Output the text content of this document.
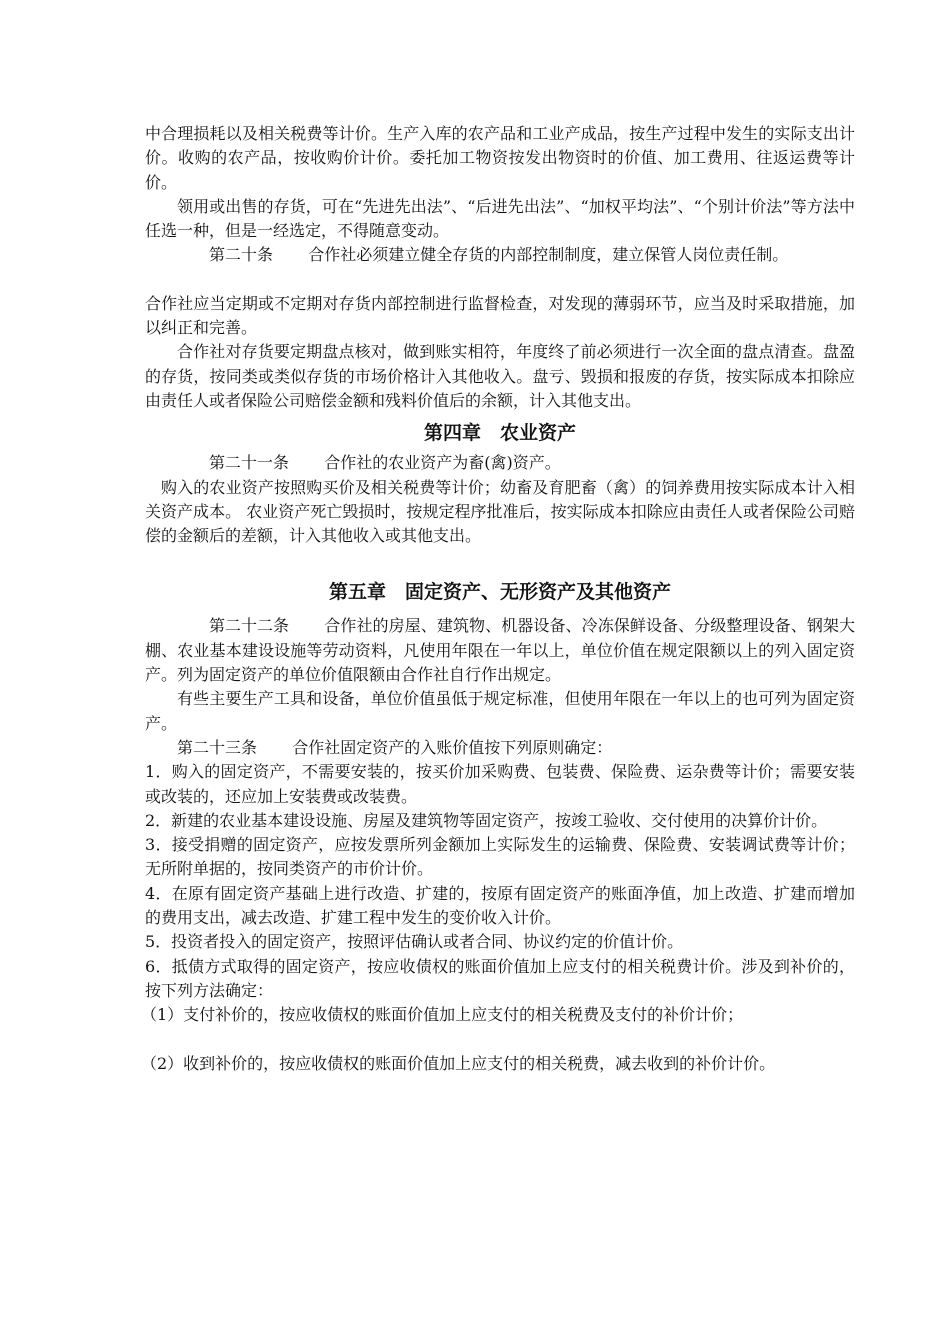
中合理损耗以及相关税费等计价。生产入库的农产品和工业产成品，按生产过程中发生的实际支出计价。收购的农产品，按收购价计价。委托加工物资按发出物资时的价值、加工费用、往返运费等计价。

领用或出售的存货，可在“先进先出法”、“后进先出法”、“加权平均法”、“个别计价法”等方法中任选一种，但是一经选定，不得随意变动。

第二十条 合作社必须建立健全存货的内部控制制度，建立保管人岗位责任制。

合作社应当定期或不定期对存货内部控制进行监督检查，对发现的薄弱环节，应当及时采取措施，加以纠正和完善。

合作社对存货要定期盘点核对，做到账实相符，年度终了前必须进行一次全面的盘点清查。盘盈的存货，按同类或类似存货的市场价格计入其他收入。盘亏、毁损和报废的存货，按实际成本扣除应由责任人或者保险公司赔偿金额和残料价值后的余额，计入其他支出。

第四章　农业资产

第二十一条 合作社的农业资产为畜(禽)资产。

购入的农业资产按照购买价及相关税费等计价；幼畜及育肥畜（禽）的饲养费用按实际成本计入相关资产成本。 农业资产死亡毁损时，按规定程序批准后，按实际成本扣除应由责任人或者保险公司赔偿的金额后的差额，计入其他收入或其他支出。

第五章　固定资产、无形资产及其他资产

第二十二条 合作社的房屋、建筑物、机器设备、冷冻保鲜设备、分级整理设备、钢架大棚、农业基本建设设施等劳动资料，凡使用年限在一年以上，单位价值在规定限额以上的列入固定资产。列为固定资产的单位价值限额由合作社自行作出规定。

有些主要生产工具和设备，单位价值虽低于规定标准，但使用年限在一年以上的也可列为固定资产。

第二十三条 合作社固定资产的入账价值按下列原则确定：

1．购入的固定资产，不需要安装的，按买价加采购费、包装费、保险费、运杂费等计价；需要安装或改装的，还应加上安装费或改装费。

2．新建的农业基本建设设施、房屋及建筑物等固定资产，按竣工验收、交付使用的决算价计价。

3．接受捐赠的固定资产，应按发票所列金额加上实际发生的运输费、保险费、安装调试费等计价；无所附单据的，按同类资产的市价计价。

4．在原有固定资产基础上进行改造、扩建的，按原有固定资产的账面净值，加上改造、扩建而增加的费用支出，减去改造、扩建工程中发生的变价收入计价。

5．投资者投入的固定资产，按照评估确认或者合同、协议约定的价值计价。

6．抵债方式取得的固定资产，按应收债权的账面价值加上应支付的相关税费计价。涉及到补价的，按下列方法确定：

（1）支付补价的，按应收债权的账面价值加上应支付的相关税费及支付的补价计价；

（2）收到补价的，按应收债权的账面价值加上应支付的相关税费，减去收到的补价计价。
